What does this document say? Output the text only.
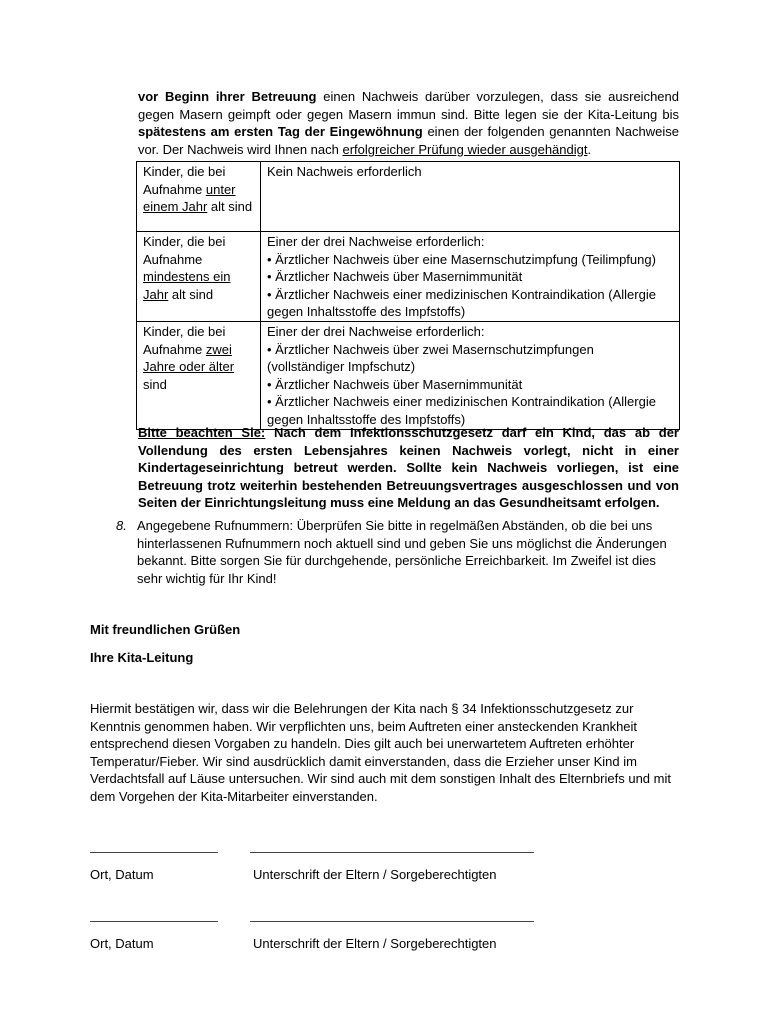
vor Beginn ihrer Betreuung einen Nachweis darüber vorzulegen, dass sie ausreichend gegen Masern geimpft oder gegen Masern immun sind. Bitte legen sie der Kita-Leitung bis spätestens am ersten Tag der Eingewöhnung einen der folgenden genannten Nachweise vor. Der Nachweis wird Ihnen nach erfolgreicher Prüfung wieder ausgehändigt.
Kinder, die bei Aufnahme unter einem Jahr alt sind	Kein Nachweis erforderlich
Kinder, die bei Aufnahme mindestens ein Jahr alt sind	Einer der drei Nachweise erforderlich:
• Ärztlicher Nachweis über eine Masernschutzimpfung (Teilimpfung)
• Ärztlicher Nachweis über Masernimmunität
• Ärztlicher Nachweis einer medizinischen Kontraindikation (Allergie gegen Inhaltsstoffe des Impfstoffs)

Kinder, die bei Aufnahme zwei Jahre oder älter sind	Einer der drei Nachweise erforderlich:
• Ärztlicher Nachweis über zwei Masernschutzimpfungen (vollständiger Impfschutz)
• Ärztlicher Nachweis über Masernimmunität
• Ärztlicher Nachweis einer medizinischen Kontraindikation (Allergie gegen Inhaltsstoffe des Impfstoffs)
Bitte beachten Sie: Nach dem Infektionsschutzgesetz darf ein Kind, das ab der Vollendung des ersten Lebensjahres keinen Nachweis vorlegt, nicht in einer Kindertageseinrichtung betreut werden. Sollte kein Nachweis vorliegen, ist eine Betreuung trotz weiterhin bestehenden Betreuungsvertrages ausgeschlossen und von Seiten der Einrichtungsleitung muss eine Meldung an das Gesundheitsamt erfolgen.
8. Angegebene Rufnummern: Überprüfen Sie bitte in regelmäßen Abständen, ob die bei uns hinterlassenen Rufnummern noch aktuell sind und geben Sie uns möglichst die Änderungen bekannt. Bitte sorgen Sie für durchgehende, persönliche Erreichbarkeit. Im Zweifel ist dies sehr wichtig für Ihr Kind!
Mit freundlichen Grüßen
Ihre Kita-Leitung
Hiermit bestätigen wir, dass wir die Belehrungen der Kita nach § 34 Infektionsschutzgesetz zur Kenntnis genommen haben. Wir verpflichten uns, beim Auftreten einer ansteckenden Krankheit entsprechend diesen Vorgaben zu handeln. Dies gilt auch bei unerwartetem Auftreten erhöhter Temperatur/Fieber. Wir sind ausdrücklich damit einverstanden, dass die Erzieher unser Kind im Verdachtsfall auf Läuse untersuchen. Wir sind auch mit dem sonstigen Inhalt des Elternbriefs und mit dem Vorgehen der Kita-Mitarbeiter einverstanden.
Ort, Datum	Unterschrift der Eltern / Sorgeberechtigten
Ort, Datum	Unterschrift der Eltern / Sorgeberechtigten
